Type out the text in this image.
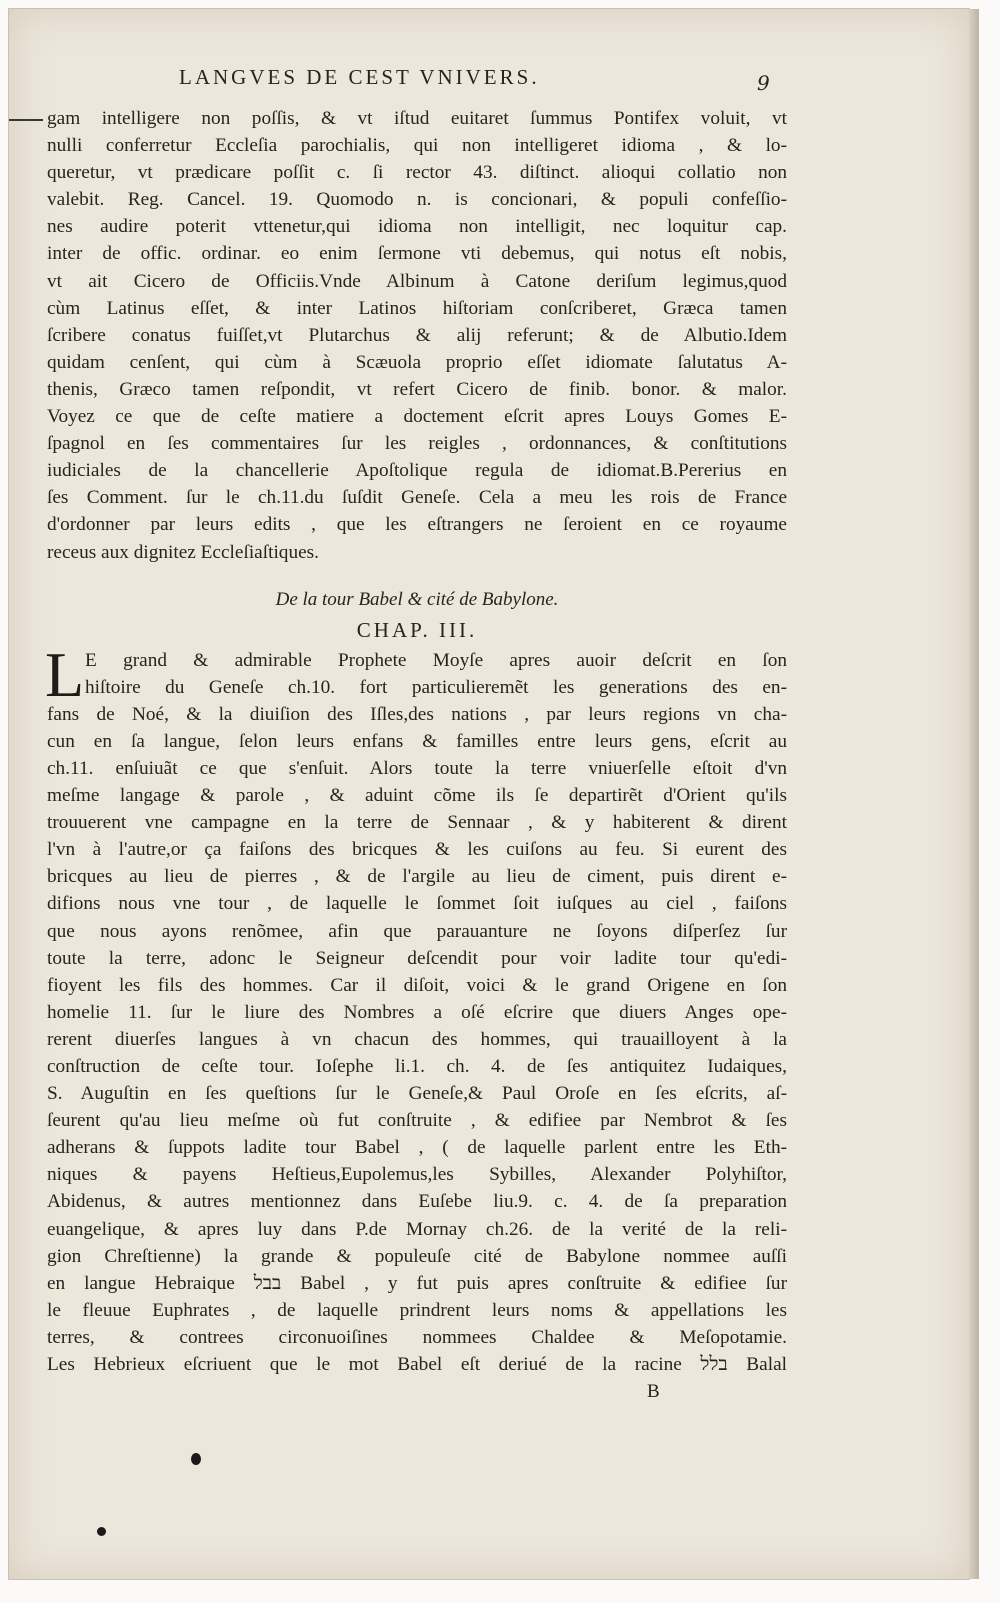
LANGVES DE CEST VNIVERS.	9
gam intelligere non poſſis, & vt iſtud euitaret ſummus Pontifex voluit, vt
nulli conferretur Eccleſia parochialis, qui non intelligeret idioma , & lo-
queretur, vt prædicare poſſit c. ſi rector 43. diſtinct. alioqui collatio non
valebit. Reg. Cancel. 19. Quomodo n. is concionari, & populi confeſſio-
nes audire poterit vttenetur,qui idioma non intelligit, nec loquitur cap.
inter de offic. ordinar. eo enim ſermone vti debemus, qui notus eſt nobis,
vt ait Cicero de Officiis.Vnde Albinum à Catone deriſum legimus,quod
cùm Latinus eſſet, & inter Latinos hiſtoriam conſcriberet, Græca tamen
ſcribere conatus fuiſſet,vt Plutarchus & alij referunt; & de Albutio.Idem
quidam cenſent, qui cùm à Scæuola proprio eſſet idiomate ſalutatus A-
thenis, Græco tamen reſpondit, vt refert Cicero de finib. bonor. & malor.
Voyez ce que de ceſte matiere a doctement eſcrit apres Louys Gomes E-
ſpagnol en ſes commentaires ſur les reigles , ordonnances, & conſtitutions
iudiciales de la chancellerie Apoſtolique regula de idiomat.B.Pererius en
ſes Comment. ſur le ch.11.du ſuſdit Geneſe. Cela a meu les rois de France
d'ordonner par leurs edits , que les eſtrangers ne ſeroient en ce royaume
receus aux dignitez Eccleſiaſtiques.
De la tour Babel & cité de Babylone.
CHAP. III.
L E grand & admirable Prophete Moyſe apres auoir deſcrit en ſon
hiſtoire du Geneſe ch.10. fort particulieremẽt les generations des en-
fans de Noé, & la diuiſion des Iſles,des nations , par leurs regions vn cha-
cun en ſa langue, ſelon leurs enfans & familles entre leurs gens, eſcrit au
ch.11. enſuiuãt ce que s'enſuit. Alors toute la terre vniuerſelle eſtoit d'vn
meſme langage & parole , & aduint cõme ils ſe departirẽt d'Orient qu'ils
trouuerent vne campagne en la terre de Sennaar , & y habiterent & dirent
l'vn à l'autre,or ça faiſons des bricques & les cuiſons au feu. Si eurent des
bricques au lieu de pierres , & de l'argile au lieu de ciment, puis dirent e-
difions nous vne tour , de laquelle le ſommet ſoit iuſques au ciel , faiſons
que nous ayons renõmee, afin que parauanture ne ſoyons diſperſez ſur
toute la terre, adonc le Seigneur deſcendit pour voir ladite tour qu'edi-
fioyent les fils des hommes. Car il diſoit, voici & le grand Origene en ſon
homelie 11. ſur le liure des Nombres a oſé eſcrire que diuers Anges ope-
rerent diuerſes langues à vn chacun des hommes, qui trauailloyent à la
conſtruction de ceſte tour. Ioſephe li.1. ch. 4. de ſes antiquitez Iudaiques,
S. Auguſtin en ſes queſtions ſur le Geneſe,& Paul Oroſe en ſes eſcrits, aſ-
ſeurent qu'au lieu meſme où fut conſtruite , & edifiee par Nembrot & ſes
adherans & ſuppots ladite tour Babel , ( de laquelle parlent entre les Eth-
niques & payens Heſtieus,Eupolemus,les Sybilles, Alexander Polyhiſtor,
Abidenus, & autres mentionnez dans Euſebe liu.9. c. 4. de ſa preparation
euangelique, & apres luy dans P.de Mornay ch.26. de la verité de la reli-
gion Chreſtienne) la grande & populeuſe cité de Babylone nommee auſſi
en langue Hebraique בבל Babel , y fut puis apres conſtruite & edifiee ſur
le fleuue Euphrates , de laquelle prindrent leurs noms & appellations les
terres, & contrees circonuoiſines nommees Chaldee & Meſopotamie.
Les Hebrieux eſcriuent que le mot Babel eſt deriué de la racine בלל Balal
B
